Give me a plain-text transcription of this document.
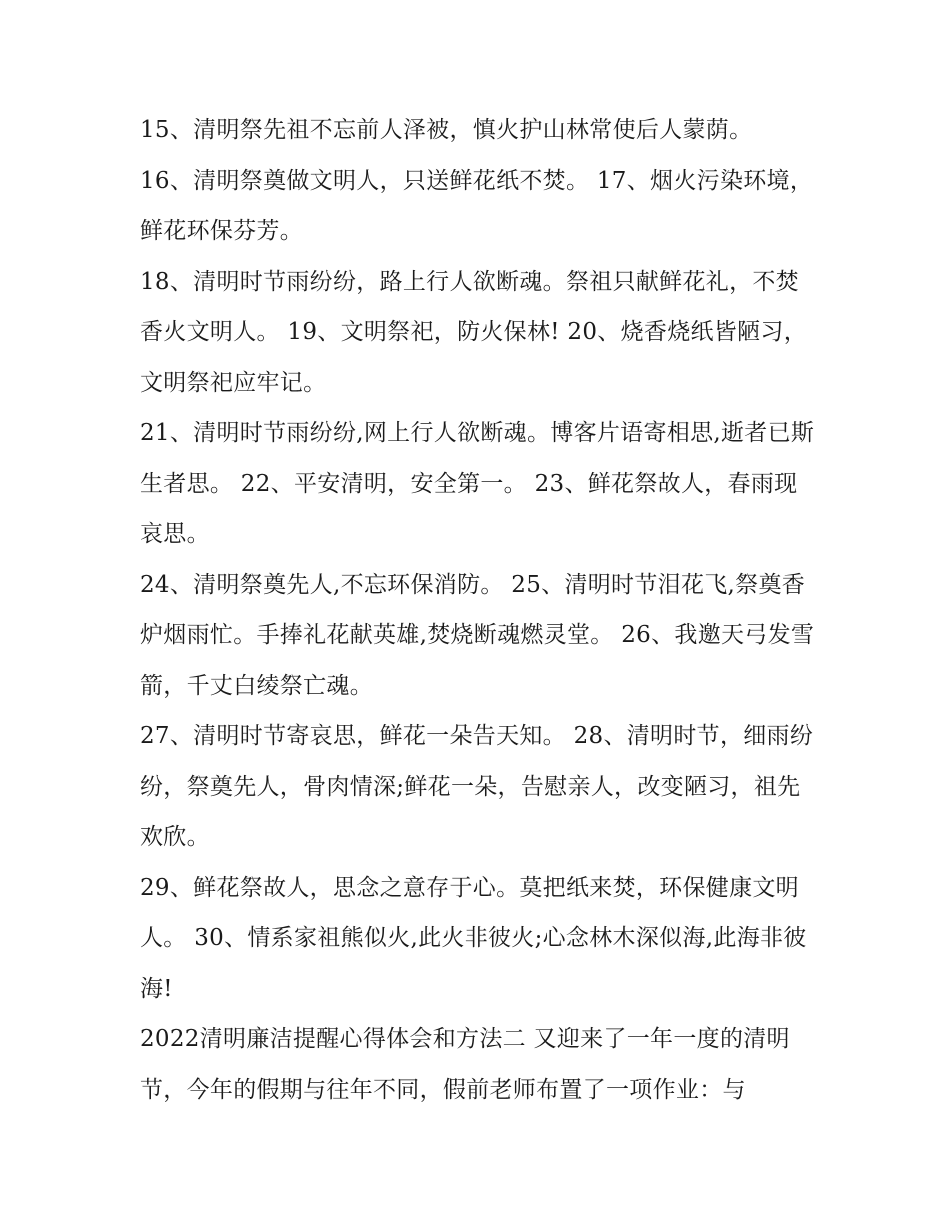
15、清明祭先祖不忘前人泽被，慎火护山林常使后人蒙荫。

16、清明祭奠做文明人，只送鲜花纸不焚。 17、烟火污染环境，鲜花环保芬芳。

18、清明时节雨纷纷，路上行人欲断魂。祭祖只献鲜花礼，不焚香火文明人。 19、文明祭祀，防火保林! 20、烧香烧纸皆陋习，文明祭祀应牢记。

21、清明时节雨纷纷,网上行人欲断魂。博客片语寄相思,逝者已斯生者思。 22、平安清明，安全第一。 23、鲜花祭故人，春雨现哀思。

24、清明祭奠先人,不忘环保消防。 25、清明时节泪花飞,祭奠香炉烟雨忙。手捧礼花献英雄,焚烧断魂燃灵堂。 26、我邀天弓发雪箭，千丈白绫祭亡魂。

27、清明时节寄哀思，鲜花一朵告天知。 28、清明时节，细雨纷纷，祭奠先人，骨肉情深;鲜花一朵，告慰亲人，改变陋习，祖先欢欣。

29、鲜花祭故人，思念之意存于心。莫把纸来焚，环保健康文明人。 30、情系家祖熊似火,此火非彼火;心念林木深似海,此海非彼海!

2022清明廉洁提醒心得体会和方法二 又迎来了一年一度的清明节，今年的假期与往年不同，假前老师布置了一项作业：与
